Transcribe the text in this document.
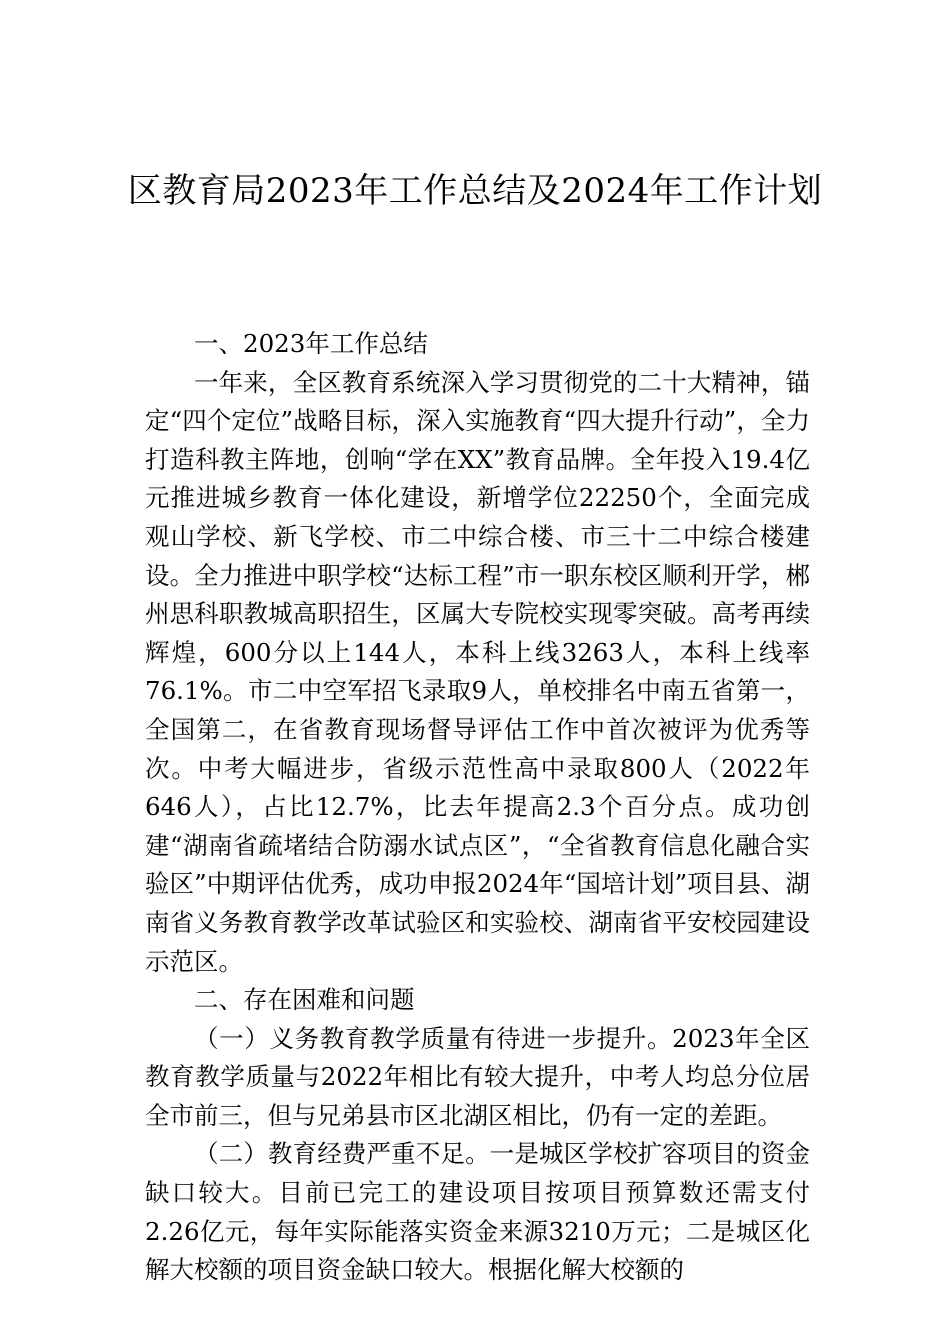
区教育局2023年工作总结及2024年工作计划

一、2023年工作总结

一年来，全区教育系统深入学习贯彻党的二十大精神，锚定“四个定位”战略目标，深入实施教育“四大提升行动”，全力打造科教主阵地，创响“学在XX”教育品牌。全年投入19.4亿元推进城乡教育一体化建设，新增学位22250个，全面完成观山学校、新飞学校、市二中综合楼、市三十二中综合楼建设。全力推进中职学校“达标工程”市一职东校区顺利开学，郴州思科职教城高职招生，区属大专院校实现零突破。高考再续辉煌，600分以上144人，本科上线3263人，本科上线率76.1%。市二中空军招飞录取9人，单校排名中南五省第一，全国第二，在省教育现场督导评估工作中首次被评为优秀等次。中考大幅进步，省级示范性高中录取800人（2022年646人），占比12.7%，比去年提高2.3个百分点。成功创建“湖南省疏堵结合防溺水试点区”，“全省教育信息化融合实验区”中期评估优秀，成功申报2024年“国培计划”项目县、湖南省义务教育教学改革试验区和实验校、湖南省平安校园建设示范区。

二、存在困难和问题

（一）义务教育教学质量有待进一步提升。2023年全区教育教学质量与2022年相比有较大提升，中考人均总分位居全市前三，但与兄弟县市区北湖区相比，仍有一定的差距。

（二）教育经费严重不足。一是城区学校扩容项目的资金缺口较大。目前已完工的建设项目按项目预算数还需支付2.26亿元，每年实际能落实资金来源3210万元；二是城区化解大校额的项目资金缺口较大。根据化解大校额的
